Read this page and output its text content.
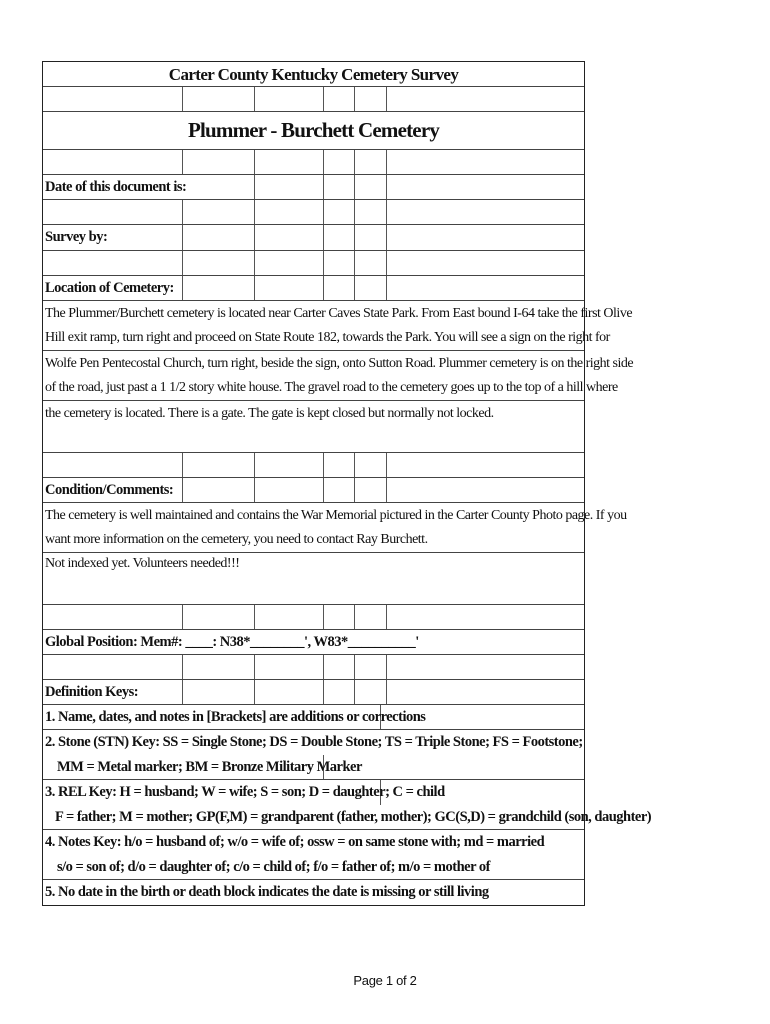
Carter County Kentucky Cemetery Survey
Plummer - Burchett Cemetery
Date of this document is:
Survey by:
Location of Cemetery:
The Plummer/Burchett cemetery is located near Carter Caves State Park. From East bound I-64 take the first Olive
Hill exit ramp, turn right and proceed on State Route 182, towards the Park. You will see a sign on the right for
Wolfe Pen Pentecostal Church, turn right, beside the sign, onto Sutton Road. Plummer cemetery is on the right side
of the road, just past a 1 1/2 story white house. The gravel road to the cemetery goes up to the top of a hill where
the cemetery is located. There is a gate. The gate is kept closed but normally not locked.
Condition/Comments:
The cemetery is well maintained and contains the War Memorial pictured in the Carter County Photo page. If you
want more information on the cemetery, you need to contact Ray Burchett.
Not indexed yet. Volunteers needed!!!
Global Position: Mem#: ____: N38*________', W83*__________'
Definition Keys:
1. Name, dates, and notes in [Brackets] are additions or corrections
2. Stone (STN) Key: SS = Single Stone; DS = Double Stone; TS = Triple Stone; FS = Footstone;
MM = Metal marker; BM = Bronze Military Marker
3. REL Key: H = husband; W = wife; S = son; D = daughter; C = child
F = father; M = mother; GP(F,M) = grandparent (father, mother); GC(S,D) = grandchild (son, daughter)
4. Notes Key: h/o = husband of; w/o = wife of; ossw = on same stone with; md = married
s/o = son of; d/o = daughter of; c/o = child of; f/o = father of; m/o = mother of
5. No date in the birth or death block indicates the date is missing or still living
Page 1 of 2
